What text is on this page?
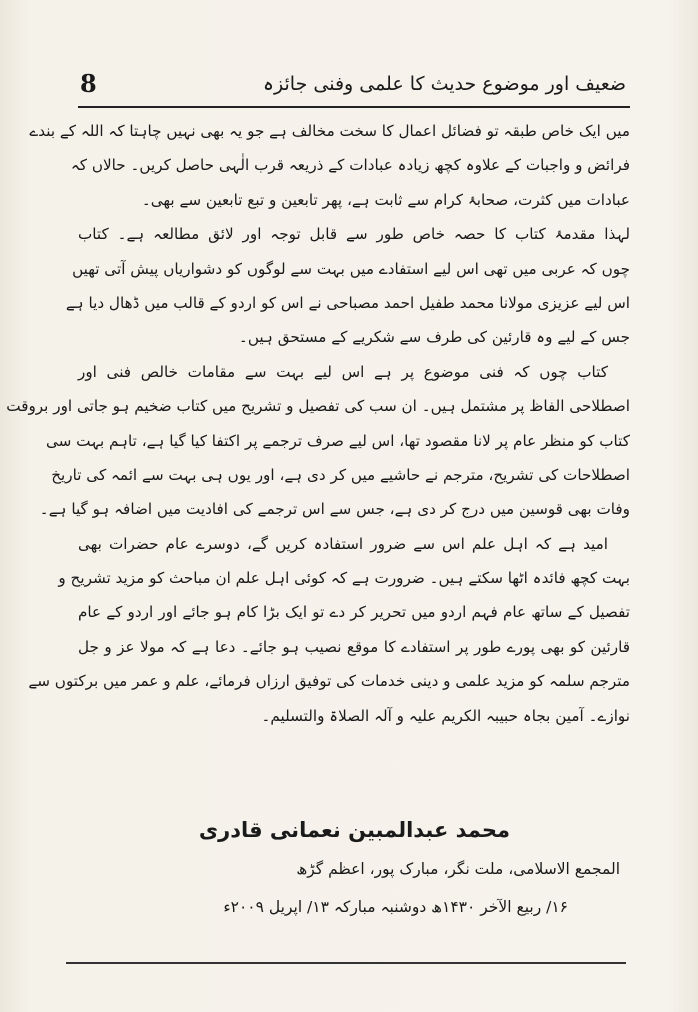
8	ضعیف اور موضوع حدیث کا علمی وفنی جائزہ
میں ایک خاص طبقہ تو فضائل اعمال کا سخت مخالف ہے جو یہ بھی نہیں چاہتا کہ اللہ کے بندے
فرائض و واجبات کے علاوہ کچھ زیادہ عبادات کے ذریعہ قرب الٰہی حاصل کریں۔ حالاں کہ
عبادات میں کثرت، صحابۂ کرام سے ثابت ہے، پھر تابعین و تبع تابعین سے بھی۔
لہذا مقدمۂ کتاب کا حصہ خاص طور سے قابل توجہ اور لائق مطالعہ ہے۔ کتاب
چوں کہ عربی میں تھی اس لیے استفادے میں بہت سے لوگوں کو دشواریاں پیش آتی تھیں
اس لیے عزیزی مولانا محمد طفیل احمد مصباحی نے اس کو اردو کے قالب میں ڈھال دیا ہے
جس کے لیے وہ قارئین کی طرف سے شکریے کے مستحق ہیں۔
کتاب چوں کہ فنی موضوع پر ہے اس لیے بہت سے مقامات خالص فنی اور
اصطلاحی الفاظ پر مشتمل ہیں۔ ان سب کی تفصیل و تشریح میں کتاب ضخیم ہو جاتی اور بروقت
کتاب کو منظر عام پر لانا مقصود تھا، اس لیے صرف ترجمے پر اکتفا کیا گیا ہے، تاہم بہت سی
اصطلاحات کی تشریح، مترجم نے حاشیے میں کر دی ہے، اور یوں ہی بہت سے ائمہ کی تاریخ
وفات بھی قوسین میں درج کر دی ہے، جس سے اس ترجمے کی افادیت میں اضافہ ہو گیا ہے۔
امید ہے کہ اہل علم اس سے ضرور استفادہ کریں گے، دوسرے عام حضرات بھی
بہت کچھ فائدہ اٹھا سکتے ہیں۔ ضرورت ہے کہ کوئی اہل علم ان مباحث کو مزید تشریح و
تفصیل کے ساتھ عام فہم اردو میں تحریر کر دے تو ایک بڑا کام ہو جائے اور اردو کے عام
قارئین کو بھی پورے طور پر استفادے کا موقع نصیب ہو جائے۔ دعا ہے کہ مولا عز و جل
مترجم سلمہ کو مزید علمی و دینی خدمات کی توفیق ارزاں فرمائے، علم و عمر میں برکتوں سے
نوازے۔ آمین بجاہ حبیبہ الکریم علیہ و آلہ الصلاۃ والتسلیم۔
محمد عبدالمبین نعمانی قادری
المجمع الاسلامی، ملت نگر، مبارک پور، اعظم گڑھ
۱۶/ ربیع الآخر ۱۴۳۰ھ دوشنبہ مبارکہ ۱۳/ اپریل ۲۰۰۹ء
